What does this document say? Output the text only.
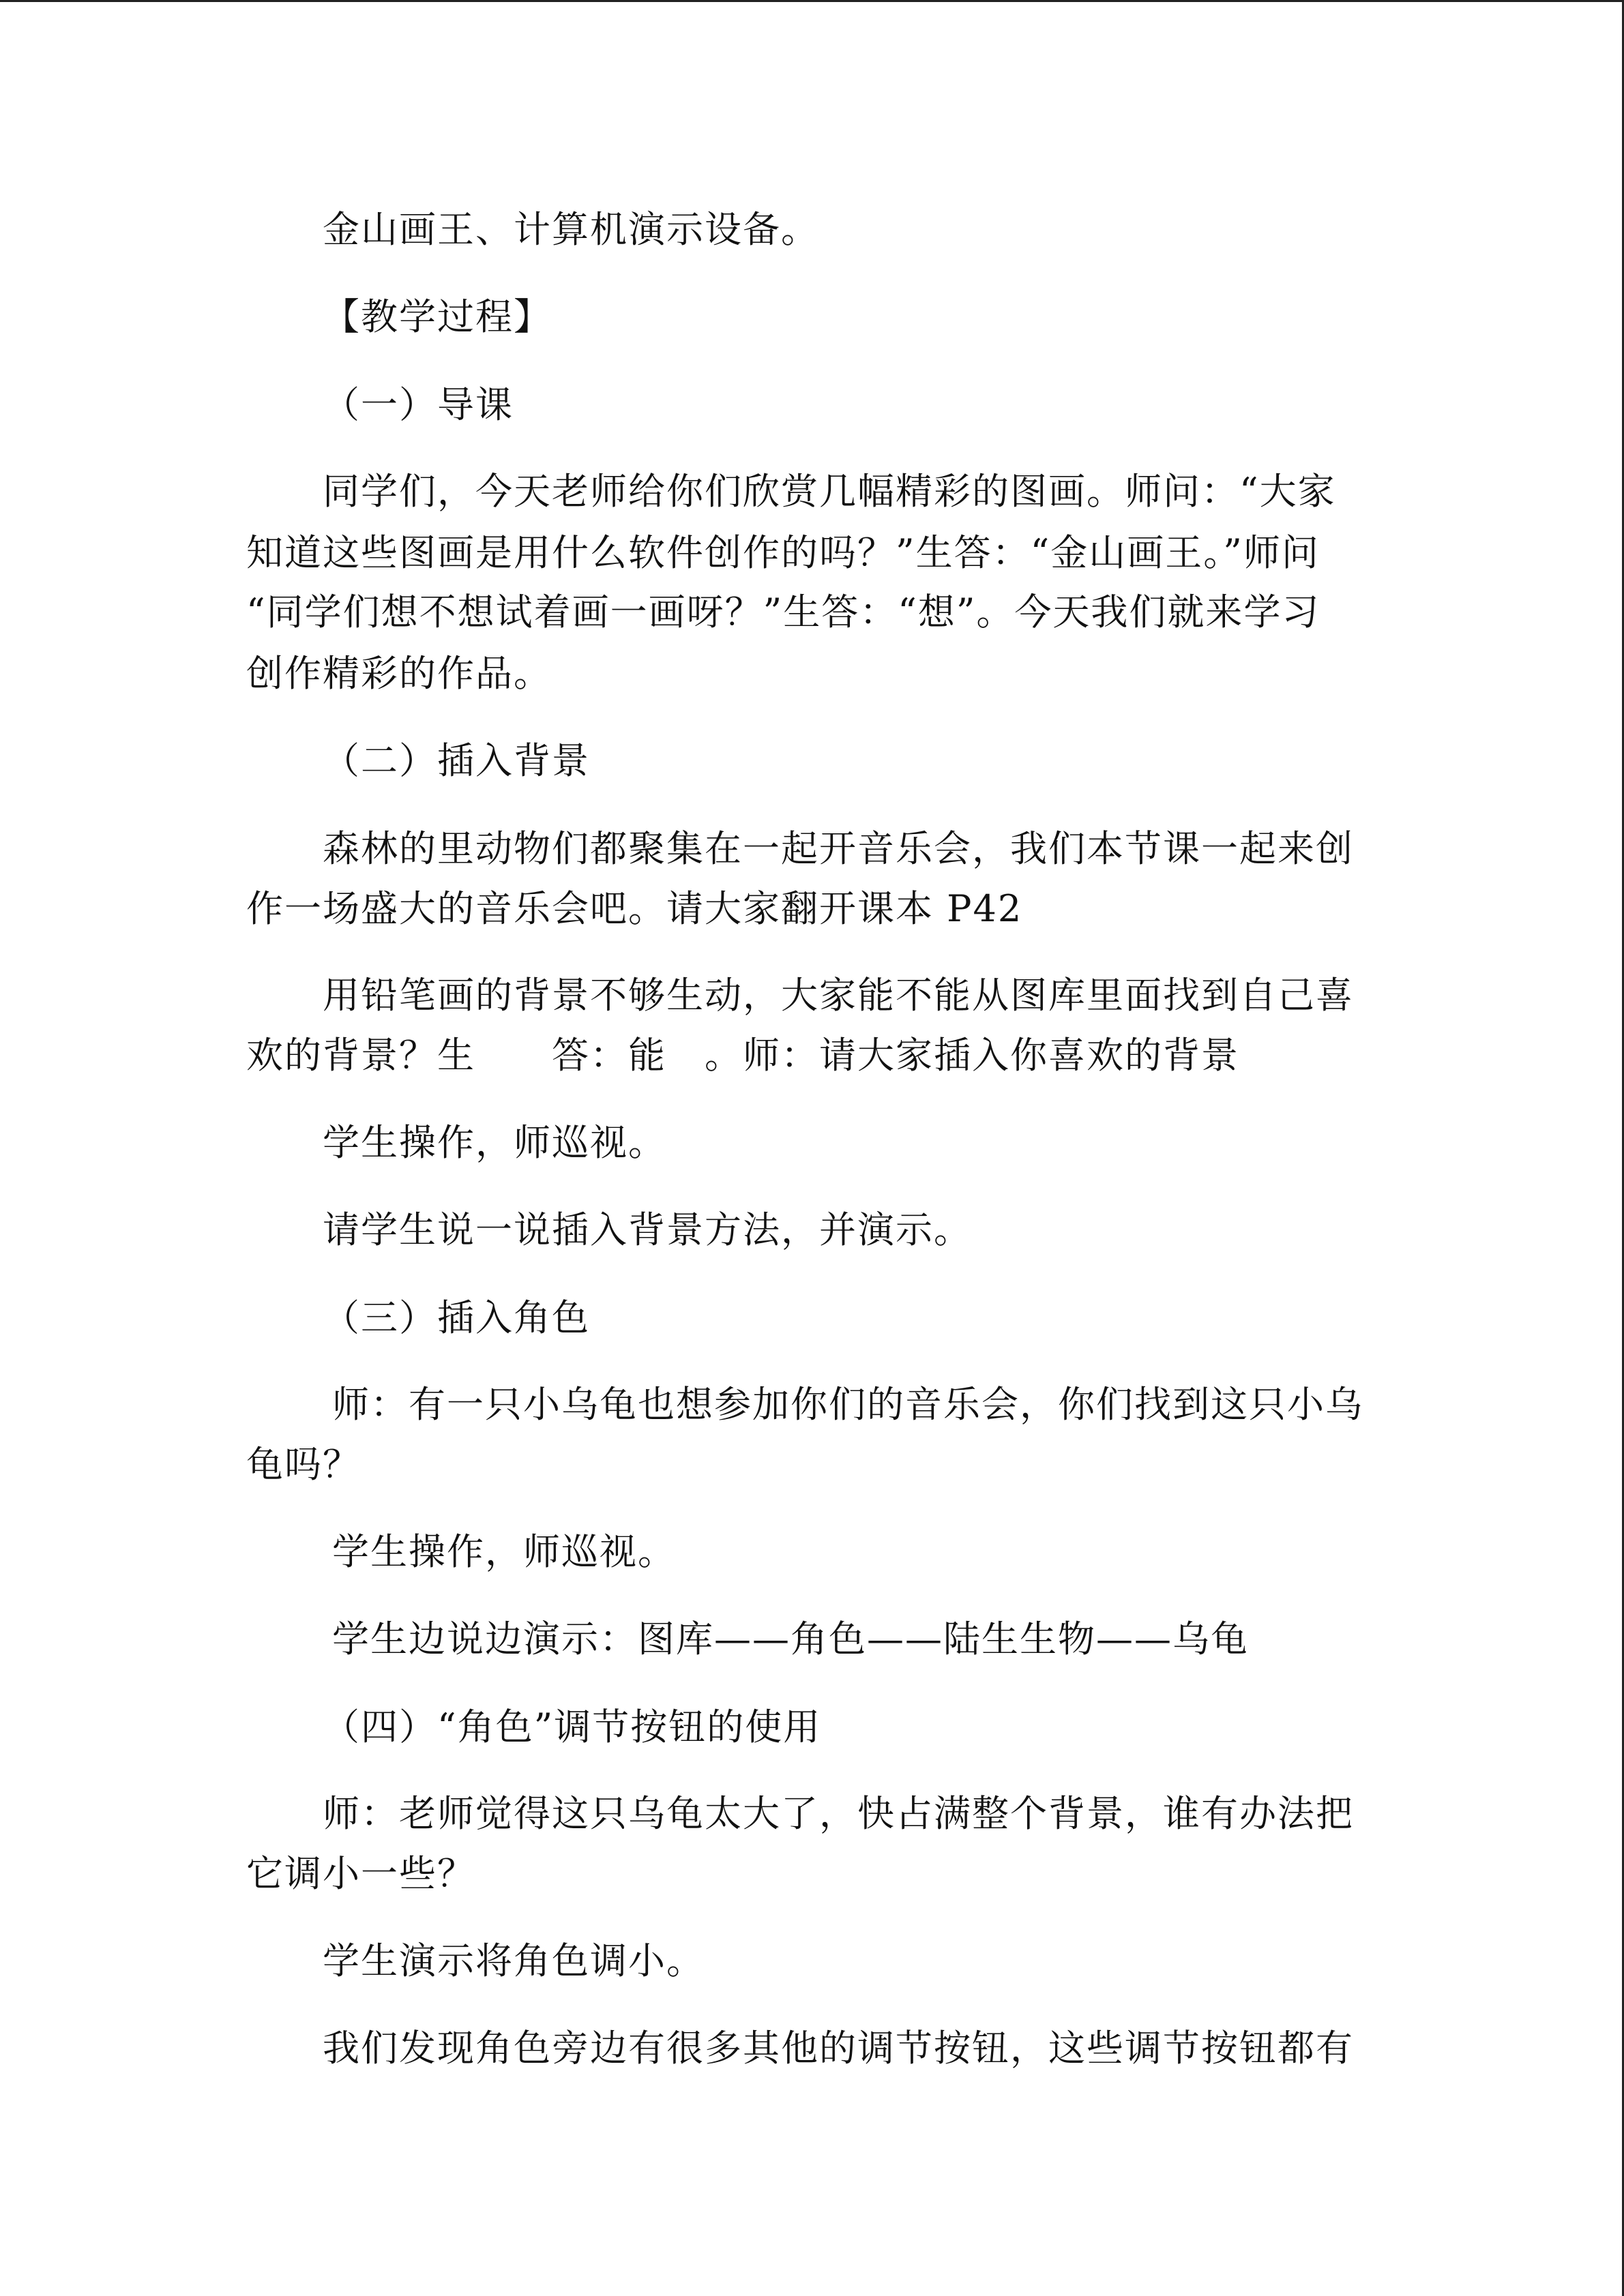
金山画王、计算机演示设备。
【教学过程】
（一）导课
同学们，今天老师给你们欣赏几幅精彩的图画。师问：“大家
知道这些图画是用什么软件创作的吗？”生答：“金山画王。”师问
“同学们想不想试着画一画呀？”生答：“想”。今天我们就来学习
创作精彩的作品。
（二）插入背景
森林的里动物们都聚集在一起开音乐会，我们本节课一起来创
作一场盛大的音乐会吧。请大家翻开课本 P42
用铅笔画的背景不够生动，大家能不能从图库里面找到自己喜
欢的背景？生　　答：能　。师：请大家插入你喜欢的背景
学生操作，师巡视。
请学生说一说插入背景方法，并演示。
（三）插入角色
师：有一只小乌龟也想参加你们的音乐会，你们找到这只小乌
龟吗？
学生操作，师巡视。
学生边说边演示：图库——角色——陆生生物——乌龟
（四）“角色”调节按钮的使用
师：老师觉得这只乌龟太大了，快占满整个背景，谁有办法把
它调小一些？
学生演示将角色调小。
我们发现角色旁边有很多其他的调节按钮，这些调节按钮都有
